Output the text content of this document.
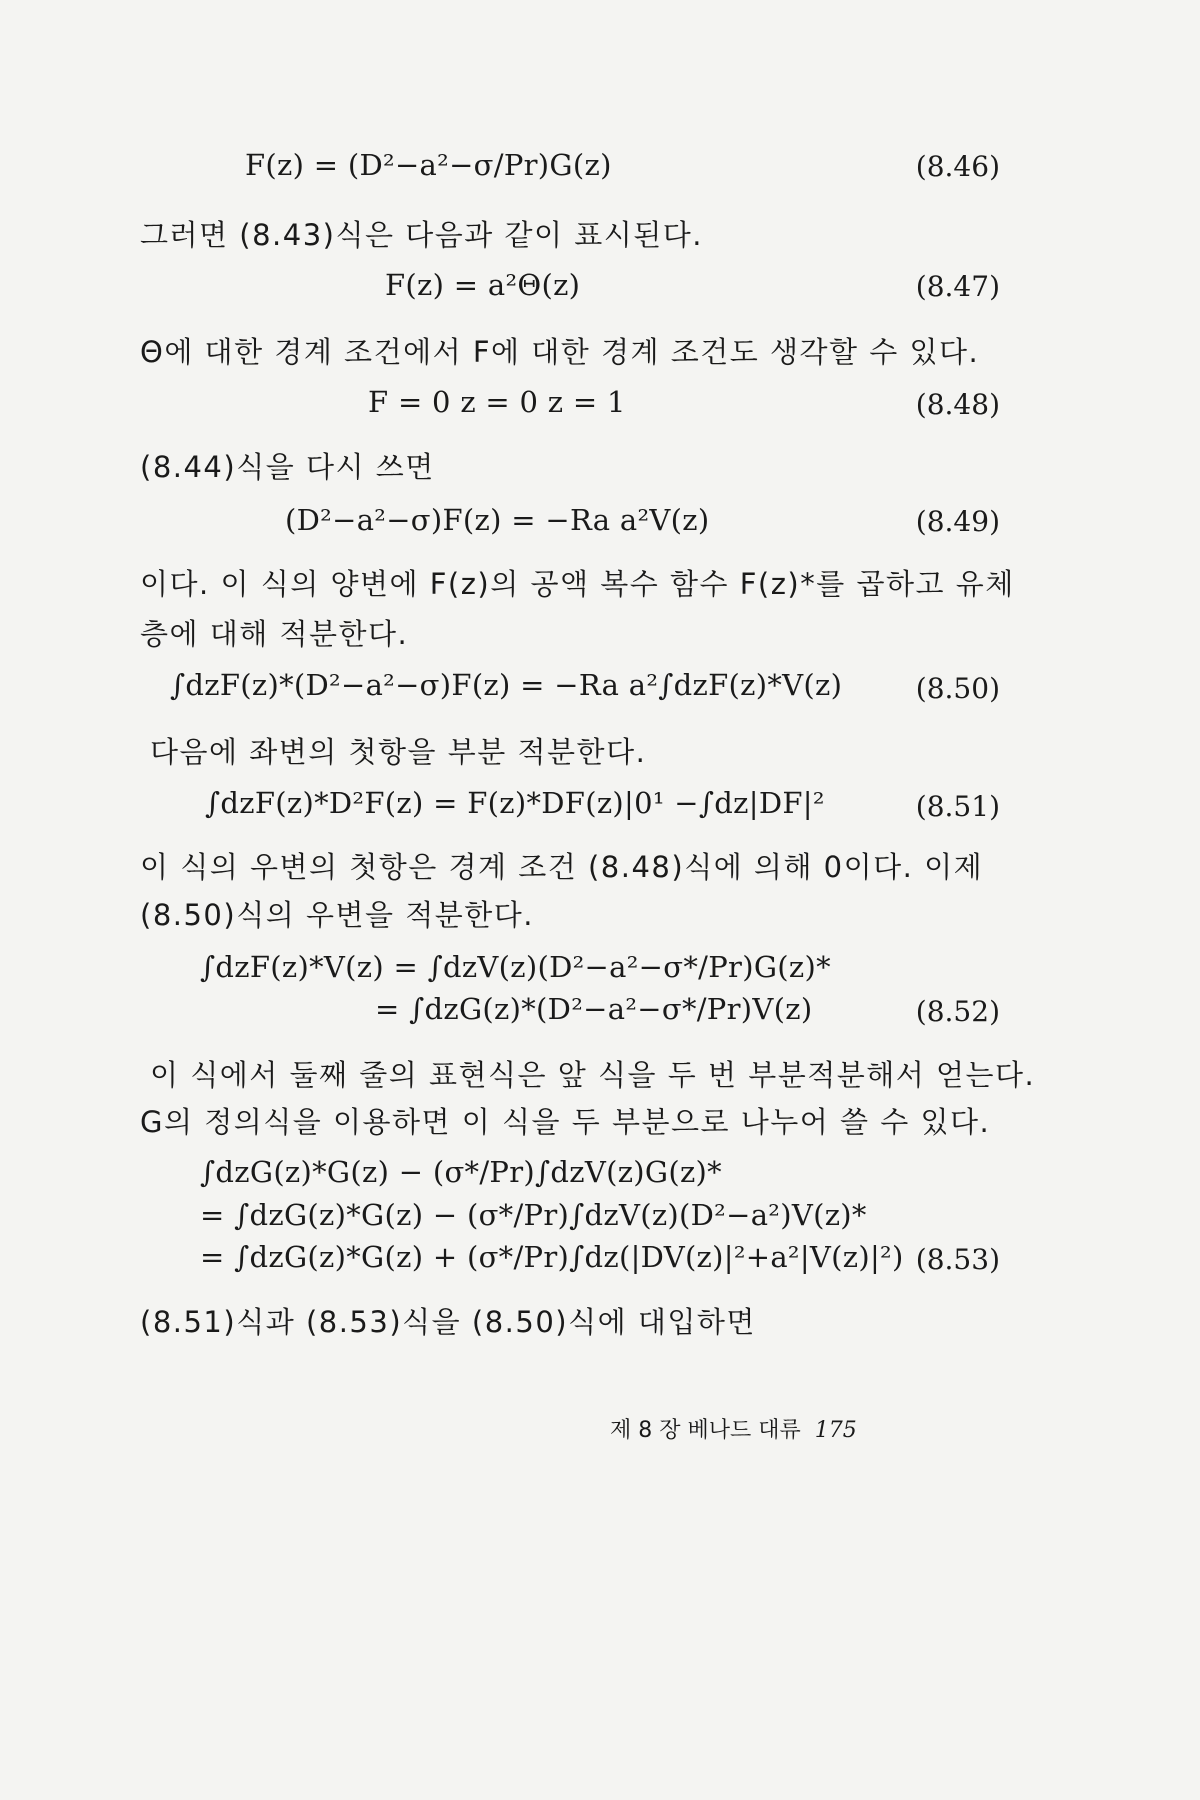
F(z) = (D²−a²−σ/Pr)G(z)	(8.46)
그러면 (8.43)식은 다음과 같이 표시된다.
F(z) = a²Θ(z)	(8.47)
Θ에 대한 경계 조건에서 F에 대한 경계 조건도 생각할 수 있다.
F = 0 z = 0 z = 1	(8.48)
(8.44)식을 다시 쓰면
(D²−a²−σ)F(z) = −Ra a²V(z)	(8.49)
이다. 이 식의 양변에 F(z)의 공액 복수 함수 F(z)*를 곱하고 유체
층에 대해 적분한다.
∫dzF(z)*(D²−a²−σ)F(z) = −Ra a²∫dzF(z)*V(z)	(8.50)
다음에 좌변의 첫항을 부분 적분한다.
∫dzF(z)*D²F(z) = F(z)*DF(z)|0¹ −∫dz|DF|²	(8.51)
이 식의 우변의 첫항은 경계 조건 (8.48)식에 의해 0이다. 이제
(8.50)식의 우변을 적분한다.
∫dzF(z)*V(z) = ∫dzV(z)(D²−a²−σ*/Pr)G(z)*
= ∫dzG(z)*(D²−a²−σ*/Pr)V(z)	(8.52)
이 식에서 둘째 줄의 표현식은 앞 식을 두 번 부분적분해서 얻는다.
G의 정의식을 이용하면 이 식을 두 부분으로 나누어 쓸 수 있다.
∫dzG(z)*G(z) − (σ*/Pr)∫dzV(z)G(z)*
= ∫dzG(z)*G(z) − (σ*/Pr)∫dzV(z)(D²−a²)V(z)*
= ∫dzG(z)*G(z) + (σ*/Pr)∫dz(|DV(z)|²+a²|V(z)|²) (8.53)
(8.51)식과 (8.53)식을 (8.50)식에 대입하면
제 8 장 베나드 대류 175
